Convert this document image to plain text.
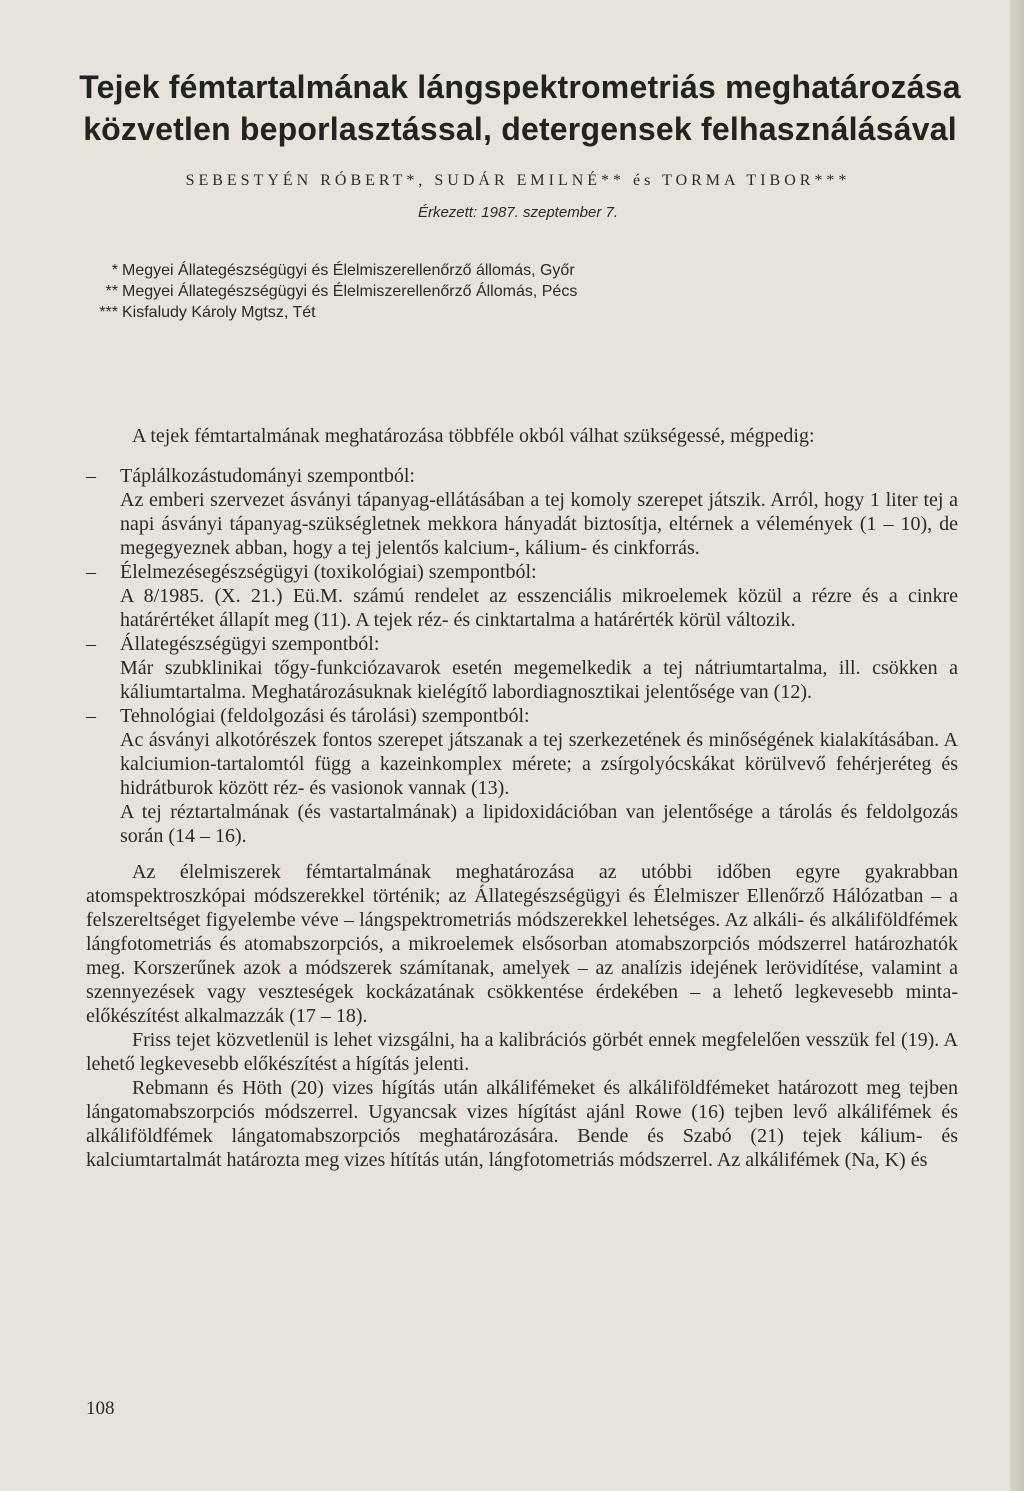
Tejek fémtartalmának lángspektrometriás meghatározása
közvetlen beporlasztással, detergensek felhasználásával
SEBESTYÉN RÓBERT*, SUDÁR EMILNÉ** és TORMA TIBOR***
Érkezett: 1987. szeptember 7.
* Megyei Állategészségügyi és Élelmiszerellenőrző állomás, Győr
** Megyei Állategészségügyi és Élelmiszerellenőrző Állomás, Pécs
*** Kisfaludy Károly Mgtsz, Tét

A tejek fémtartalmának meghatározása többféle okból válhat szükségessé, mégpedig:

– Táplálkozástudományi szempontból:

Az emberi szervezet ásványi tápanyag-ellátásában a tej komoly szerepet játszik. Arról, hogy 1 liter tej a napi ásványi tápanyag-szükségletnek mekkora hányadát biztosítja, eltérnek a vélemények (1 – 10), de megegyeznek abban, hogy a tej jelentős kalcium-, kálium- és cinkforrás.

– Élelmezésegészségügyi (toxikológiai) szempontból:

A 8/1985. (X. 21.) Eü.M. számú rendelet az esszenciális mikroelemek közül a rézre és a cinkre határértéket állapít meg (11). A tejek réz- és cinktartalma a határérték körül változik.

– Állategészségügyi szempontból:

Már szubklinikai tőgy-funkciózavarok esetén megemelkedik a tej nátriumtartalma, ill. csökken a káliumtartalma. Meghatározásuknak kielégítő labordiagnosztikai jelentősége van (12).

– Tehnológiai (feldolgozási és tárolási) szempontból:

Ac ásványi alkotórészek fontos szerepet játszanak a tej szerkezetének és minőségének kialakításában. A kalciumion-tartalomtól függ a kazeinkomplex mérete; a zsírgolyócskákat körülvevő fehérjeréteg és hidrátburok között réz- és vasionok vannak (13).

A tej réztartalmának (és vastartalmának) a lipidoxidációban van jelentősége a tárolás és feldolgozás során (14 – 16).

Az élelmiszerek fémtartalmának meghatározása az utóbbi időben egyre gyakrabban atomspektroszkópai módszerekkel történik; az Állategészségügyi és Élelmiszer Ellenőrző Hálózatban – a felszereltséget figyelembe véve – lángspektrometriás módszerekkel lehetséges. Az alkáli- és alkáliföldfémek lángfotometriás és atomabszorpciós, a mikroelemek elsősorban atomabszorpciós módszerrel határozhatók meg. Korszerűnek azok a módszerek számítanak, amelyek – az analízis idejének lerövidítése, valamint a szennyezések vagy veszteségek kockázatának csökkentése érdekében – a lehető legkevesebb minta-előkészítést alkalmazzák (17 – 18).

Friss tejet közvetlenül is lehet vizsgálni, ha a kalibrációs görbét ennek megfelelően vesszük fel (19). A lehető legkevesebb előkészítést a hígítás jelenti.

Rebmann és Höth (20) vizes hígítás után alkálifémeket és alkáliföldfémeket határozott meg tejben lángatomabszorpciós módszerrel. Ugyancsak vizes hígítást ajánl Rowe (16) tejben levő alkálifémek és alkáliföldfémek lángatomabszorpciós meghatározására. Bende és Szabó (21) tejek kálium- és kalciumtartalmát határozta meg vizes hítítás után, lángfotometriás módszerrel. Az alkálifémek (Na, K) és

108
